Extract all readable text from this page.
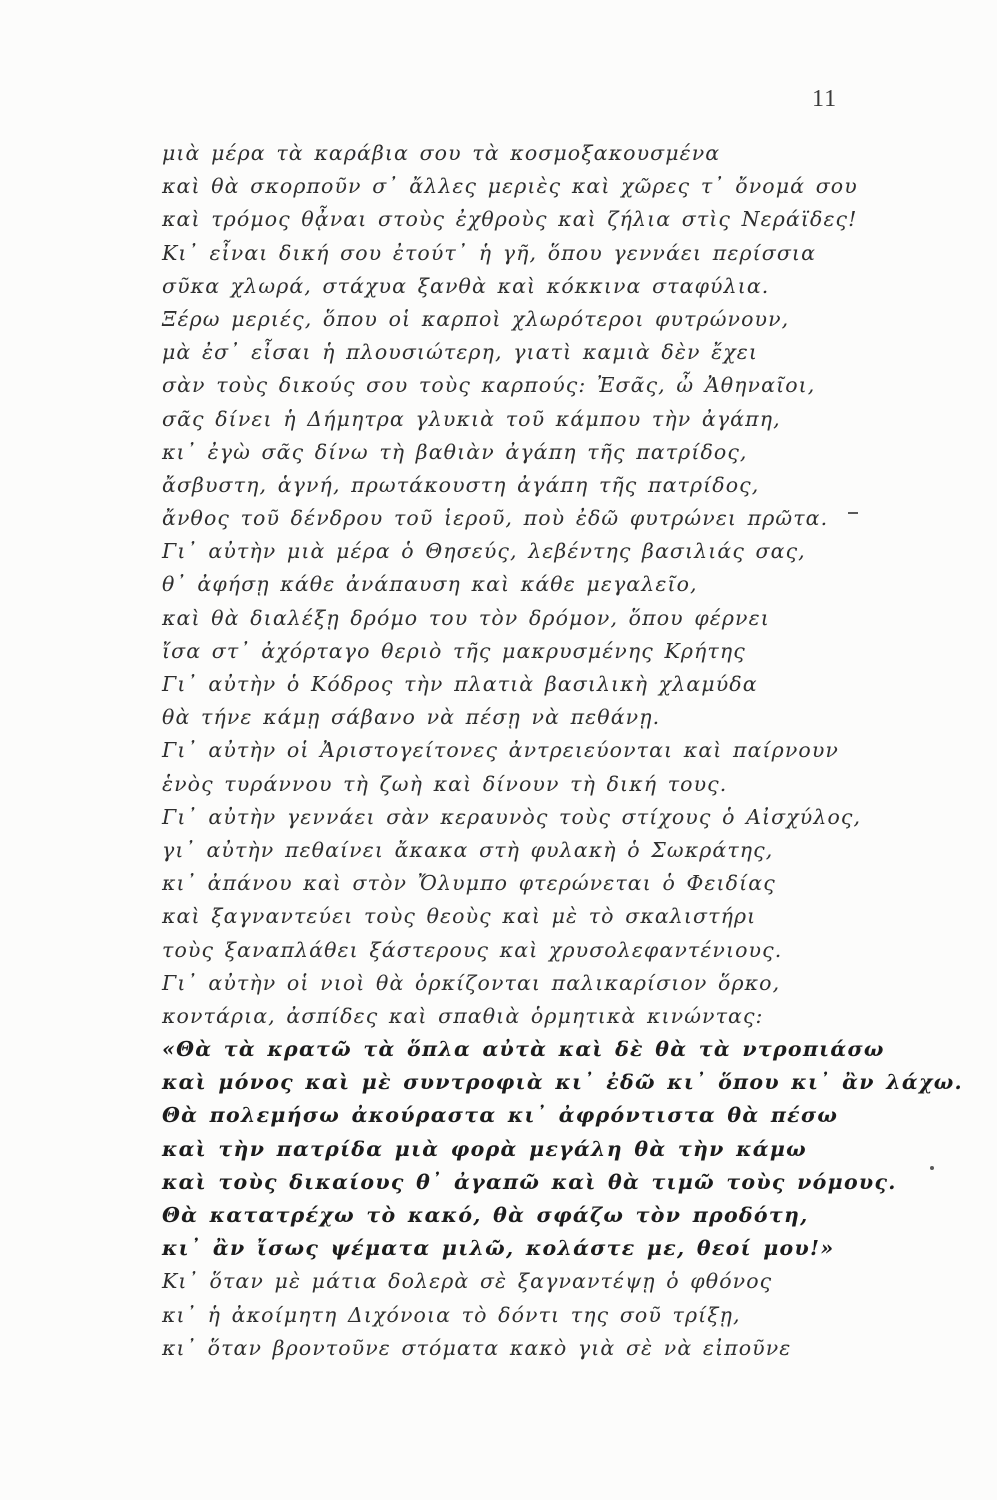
11
μιὰ μέρα τὰ καράβια σου τὰ κοσμοξακουσμένα
καὶ θὰ σκορποῦν σ᾿ ἄλλες μεριὲς καὶ χῶρες τ᾿ ὄνομά σου
καὶ τρόμος θᾆναι στοὺς ἐχθροὺς καὶ ζήλια στὶς Νεράϊδες!
Κι᾿ εἶναι δική σου ἐτούτ᾿ ἡ γῆ, ὅπου γεννάει περίσσια
σῦκα χλωρά, στάχυα ξανθὰ καὶ κόκκινα σταφύλια.
Ξέρω μεριές, ὅπου οἱ καρποὶ χλωρότεροι φυτρώνουν,
μὰ ἐσ᾿ εἶσαι ἡ πλουσιώτερη, γιατὶ καμιὰ δὲν ἔχει
σὰν τοὺς δικούς σου τοὺς καρπούς: Ἐσᾶς, ὦ Ἀθηναῖοι,
σᾶς δίνει ἡ Δήμητρα γλυκιὰ τοῦ κάμπου τὴν ἀγάπη,
κι᾿ ἐγὼ σᾶς δίνω τὴ βαθιὰν ἀγάπη τῆς πατρίδος,
ἄσβυστη, ἁγνή, πρωτάκουστη ἀγάπη τῆς πατρίδος,
ἄνθος τοῦ δένδρου τοῦ ἱεροῦ, ποὺ ἐδῶ φυτρώνει πρῶτα.
Γι᾿ αὐτὴν μιὰ μέρα ὁ Θησεύς, λεβέντης βασιλιάς σας,
θ᾿ ἀφήσῃ κάθε ἀνάπαυση καὶ κάθε μεγαλεῖο,
καὶ θὰ διαλέξῃ δρόμο του τὸν δρόμον, ὅπου φέρνει
ἴσα στ᾿ ἀχόρταγο θεριὸ τῆς μακρυσμένης Κρήτης
Γι᾿ αὐτὴν ὁ Κόδρος τὴν πλατιὰ βασιλικὴ χλαμύδα
θὰ τήνε κάμῃ σάβανο νὰ πέσῃ νὰ πεθάνῃ.
Γι᾿ αὐτὴν οἱ Ἀριστογείτονες ἀντρειεύονται καὶ παίρνουν
ἑνὸς τυράννου τὴ ζωὴ καὶ δίνουν τὴ δική τους.
Γι᾿ αὐτὴν γεννάει σὰν κεραυνὸς τοὺς στίχους ὁ Αἰσχύλος,
γι᾿ αὐτὴν πεθαίνει ἄκακα στὴ φυλακὴ ὁ Σωκράτης,
κι᾿ ἀπάνου καὶ στὸν Ὄλυμπο φτερώνεται ὁ Φειδίας
καὶ ξαγναντεύει τοὺς θεοὺς καὶ μὲ τὸ σκαλιστήρι
τοὺς ξαναπλάθει ξάστερους καὶ χρυσολεφαντένιους.
Γι᾿ αὐτὴν οἱ νιοὶ θὰ ὁρκίζονται παλικαρίσιον ὅρκο,
κοντάρια, ἀσπίδες καὶ σπαθιὰ ὁρμητικὰ κινώντας:
«Θὰ τὰ κρατῶ τὰ ὅπλα αὐτὰ καὶ δὲ θὰ τὰ ντροπιάσω
καὶ μόνος καὶ μὲ συντροφιὰ κι᾿ ἐδῶ κι᾿ ὅπου κι᾿ ἂν λάχω.
Θὰ πολεμήσω ἀκούραστα κι᾿ ἀφρόντιστα θὰ πέσω
καὶ τὴν πατρίδα μιὰ φορὰ μεγάλη θὰ τὴν κάμω
καὶ τοὺς δικαίους θ᾿ ἀγαπῶ καὶ θὰ τιμῶ τοὺς νόμους.
Θὰ κατατρέχω τὸ κακό, θὰ σφάζω τὸν προδότη,
κι᾿ ἂν ἴσως ψέματα μιλῶ, κολάστε με, θεοί μου!»
Κι᾿ ὅταν μὲ μάτια δολερὰ σὲ ξαγναντέψῃ ὁ φθόνος
κι᾿ ἡ ἀκοίμητη Διχόνοια τὸ δόντι της σοῦ τρίξῃ,
κι᾿ ὅταν βροντοῦνε στόματα κακὸ γιὰ σὲ νὰ εἰποῦνε
